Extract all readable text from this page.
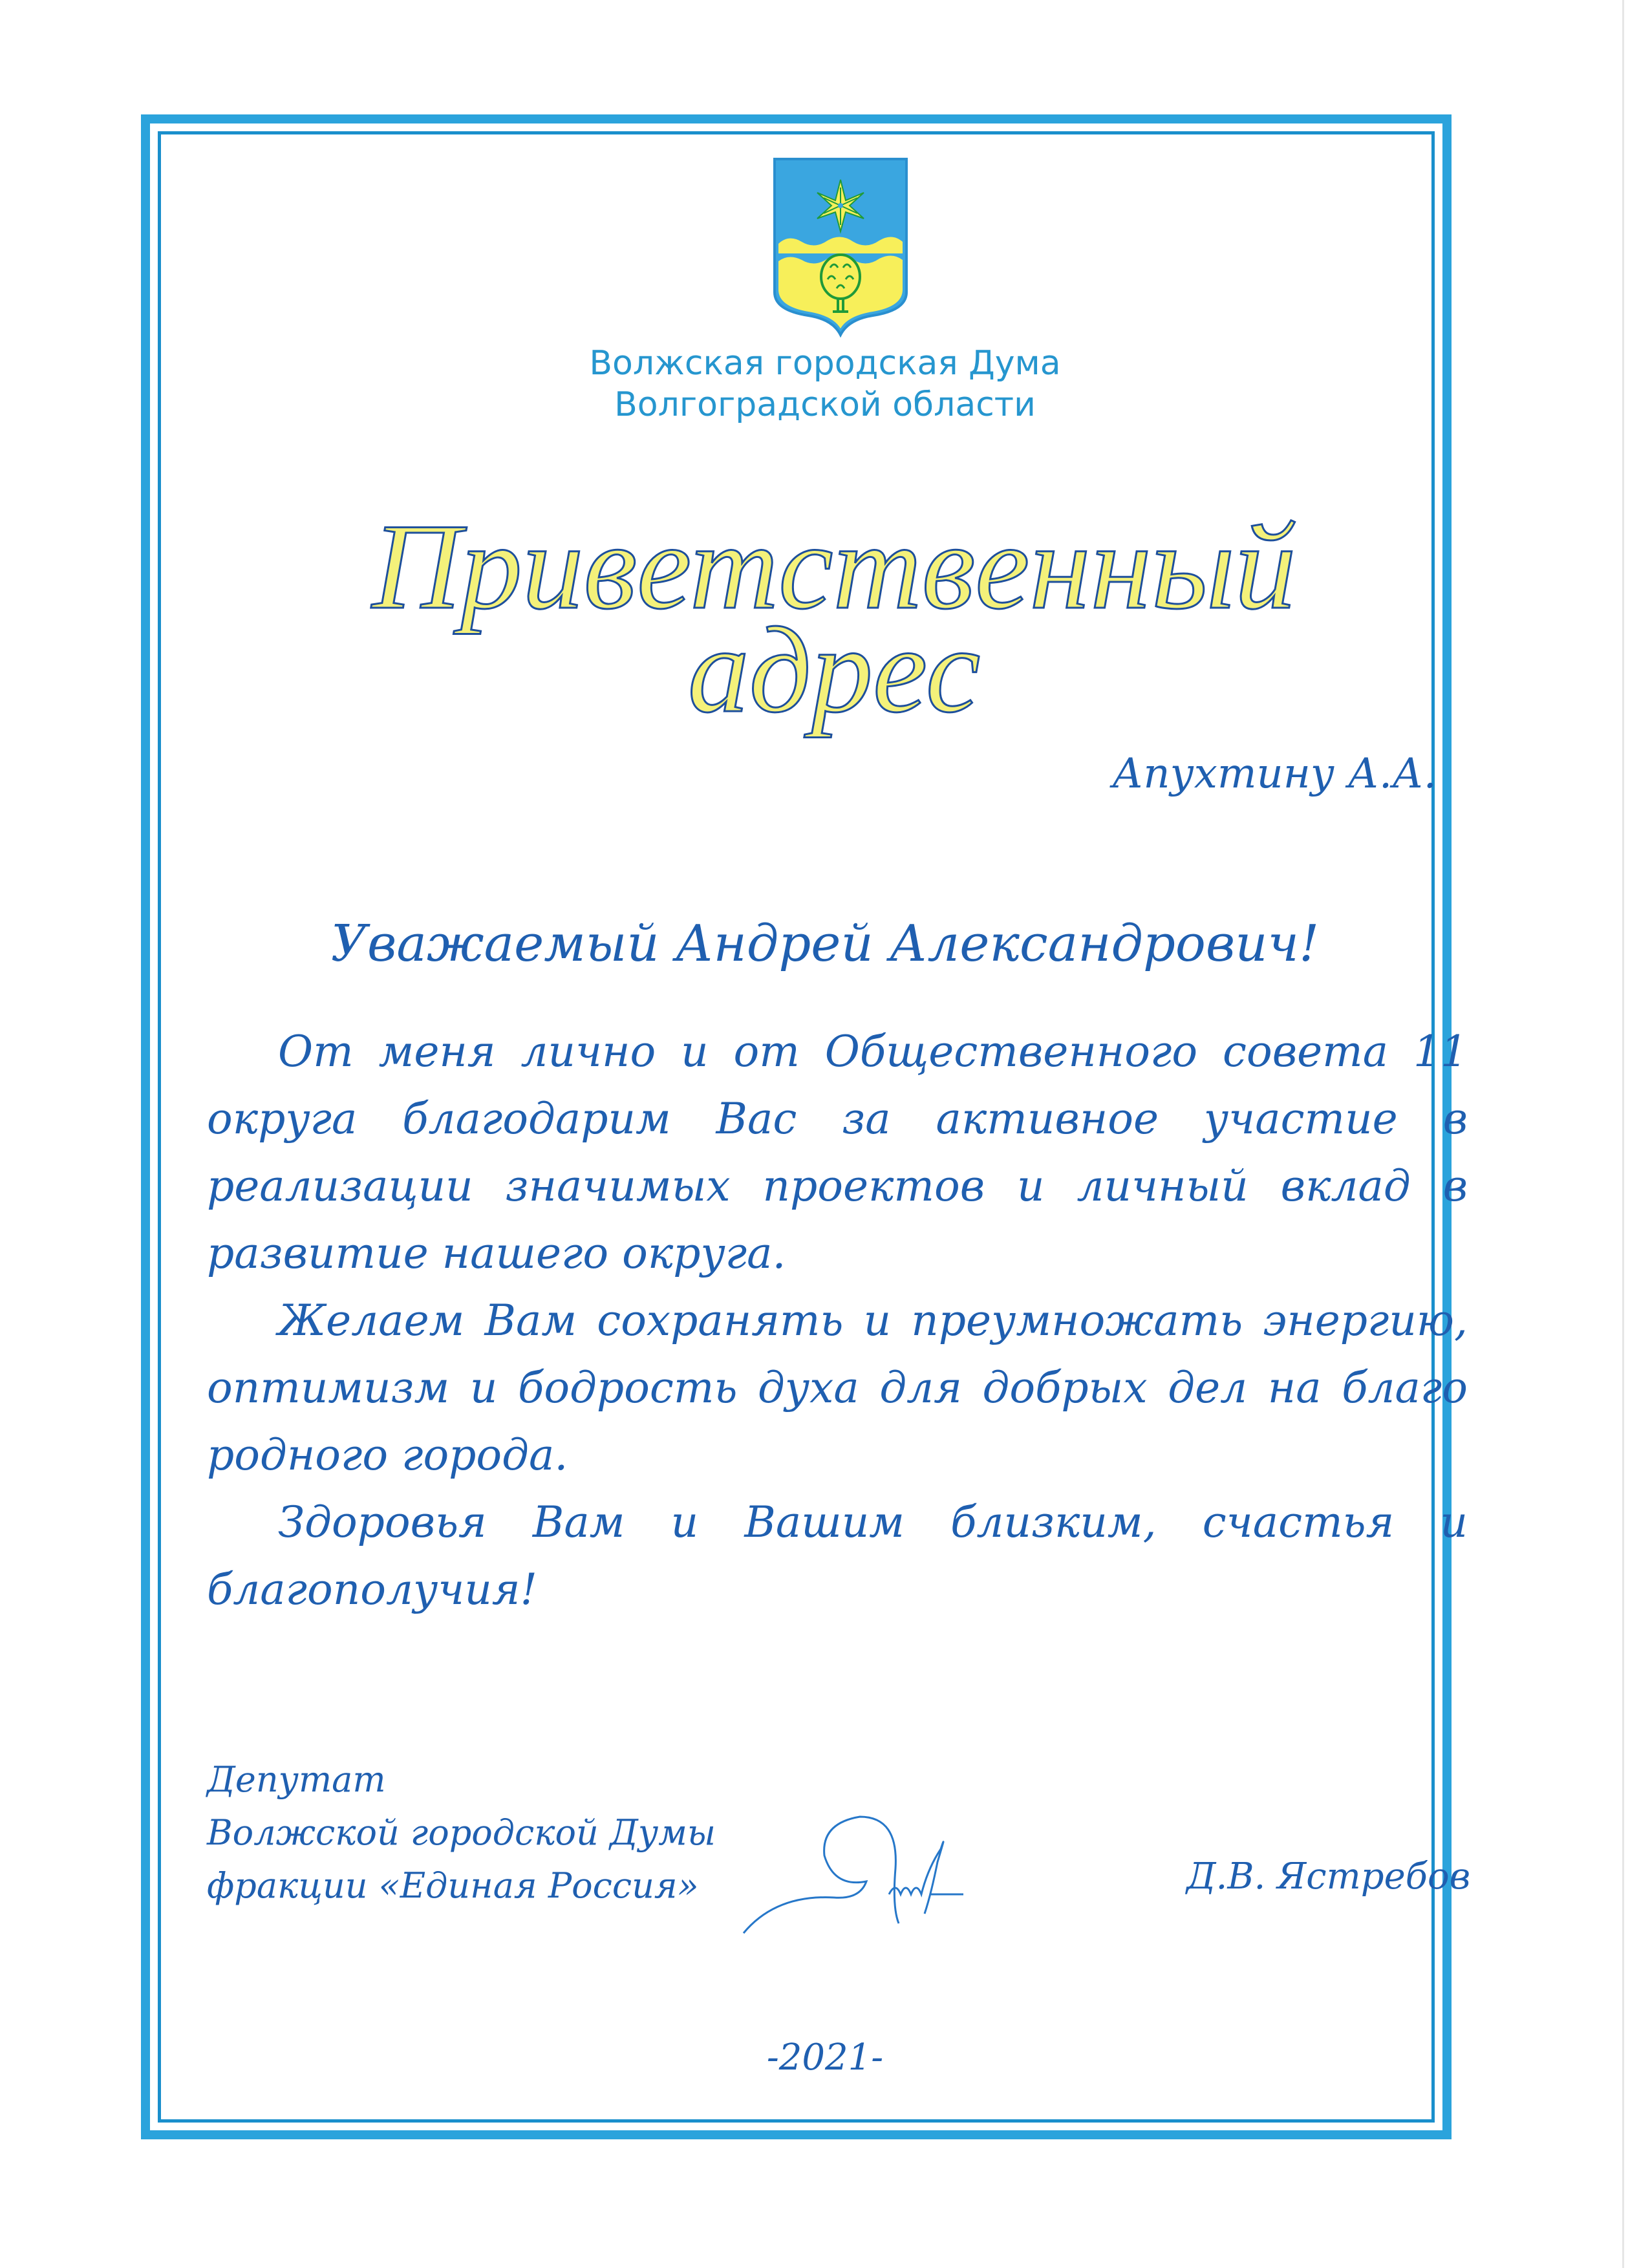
Волжская городская Дума
Волгоградской области
Приветственный
адрес
Апухтину А.А.
Уважаемый Андрей Александрович!

От меня лично и от Общественного совета 11 округа благодарим Вас за активное участие в реализации значимых проектов и личный вклад в развитие нашего округа.

Желаем Вам сохранять и преумножать энергию, оптимизм и бодрость духа для добрых дел на благо родного города.

Здоровья Вам и Вашим близким, счастья и благополучия!

Депутат
Волжской городской Думы
фракции «Единая Россия»	Д.В. Ястребов
-2021-
